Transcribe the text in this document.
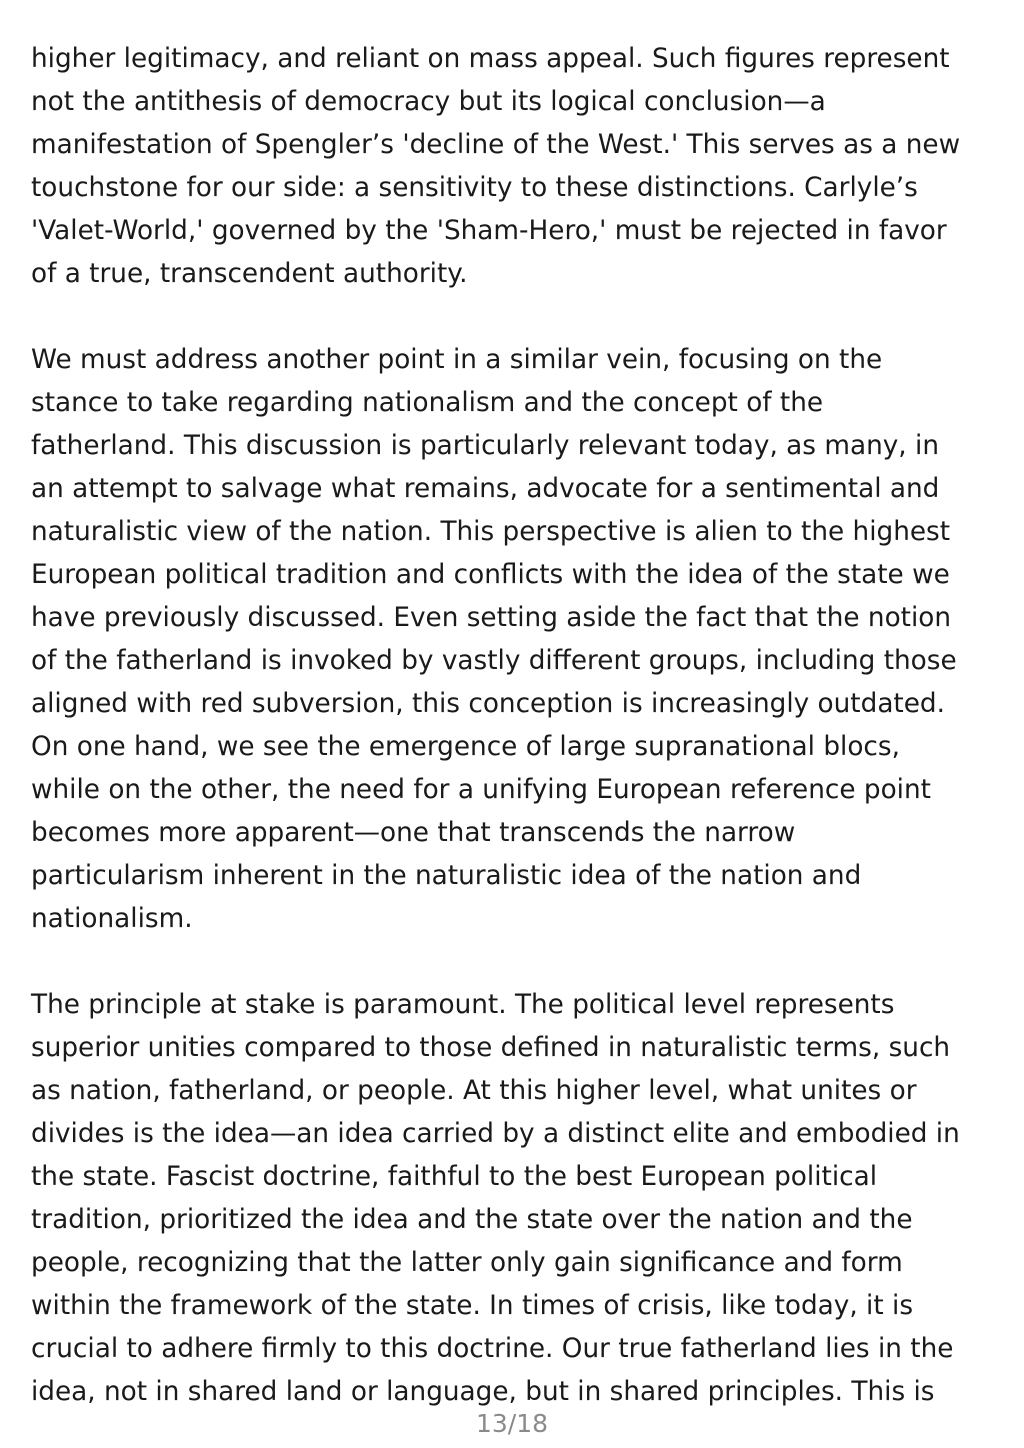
higher legitimacy, and reliant on mass appeal. Such figures represent
not the antithesis of democracy but its logical conclusion—a
manifestation of Spengler’s 'decline of the West.' This serves as a new
touchstone for our side: a sensitivity to these distinctions. Carlyle’s
'Valet-World,' governed by the 'Sham-Hero,' must be rejected in favor
of a true, transcendent authority.

We must address another point in a similar vein, focusing on the
stance to take regarding nationalism and the concept of the
fatherland. This discussion is particularly relevant today, as many, in
an attempt to salvage what remains, advocate for a sentimental and
naturalistic view of the nation. This perspective is alien to the highest
European political tradition and conflicts with the idea of the state we
have previously discussed. Even setting aside the fact that the notion
of the fatherland is invoked by vastly different groups, including those
aligned with red subversion, this conception is increasingly outdated.
On one hand, we see the emergence of large supranational blocs,
while on the other, the need for a unifying European reference point
becomes more apparent—one that transcends the narrow
particularism inherent in the naturalistic idea of the nation and
nationalism.

The principle at stake is paramount. The political level represents
superior unities compared to those defined in naturalistic terms, such
as nation, fatherland, or people. At this higher level, what unites or
divides is the idea—an idea carried by a distinct elite and embodied in
the state. Fascist doctrine, faithful to the best European political
tradition, prioritized the idea and the state over the nation and the
people, recognizing that the latter only gain significance and form
within the framework of the state. In times of crisis, like today, it is
crucial to adhere firmly to this doctrine. Our true fatherland lies in the
idea, not in shared land or language, but in shared principles. This is

13/18
